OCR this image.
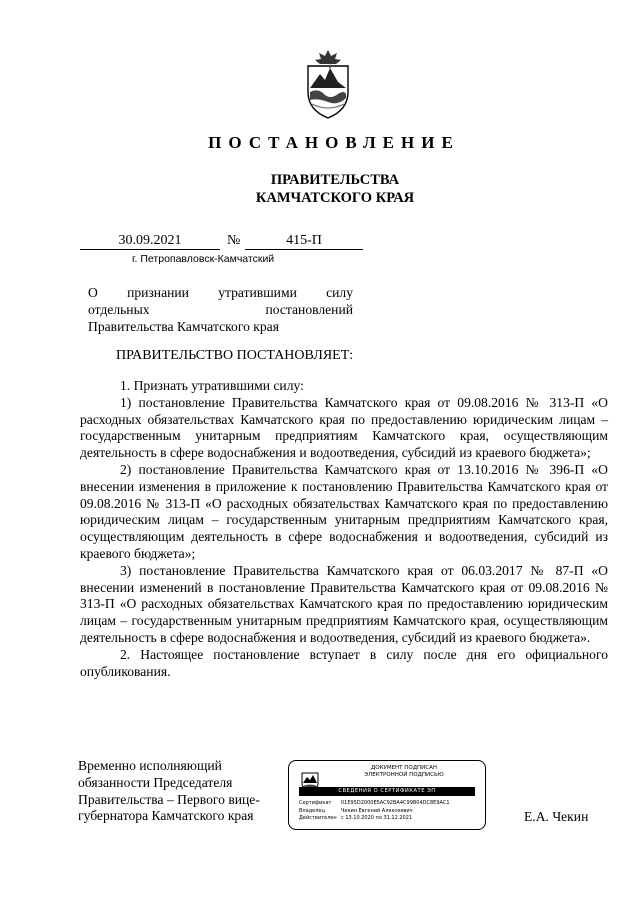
ПОСТАНОВЛЕНИЕ
ПРАВИТЕЛЬСТВА
КАМЧАТСКОГО КРАЯ
30.09.2021	№	415-П
г. Петропавловск-Камчатский
О признании утратившими силу
отдельных постановлений
Правительства Камчатского края
ПРАВИТЕЛЬСТВО ПОСТАНОВЛЯЕТ:

1. Признать утратившими силу:

1) постановление Правительства Камчатского края от 09.08.2016 № 313-П «О расходных обязательствах Камчатского края по предоставлению юридическим лицам – государственным унитарным предприятиям Камчатского края, осуществляющим деятельность в сфере водоснабжения и водоотведения, субсидий из краевого бюджета»;

2) постановление Правительства Камчатского края от 13.10.2016 № 396-П «О внесении изменения в приложение к постановлению Правительства Камчатского края от 09.08.2016 № 313-П «О расходных обязательствах Камчатского края по предоставлению юридическим лицам – государственным унитарным предприятиям Камчатского края, осуществляющим деятельность в сфере водоснабжения и водоотведения, субсидий из краевого бюджета»;

3) постановление Правительства Камчатского края от 06.03.2017 № 87-П «О внесении изменений в постановление Правительства Камчатского края от 09.08.2016 № 313-П «О расходных обязательствах Камчатского края по предоставлению юридическим лицам – государственным унитарным предприятиям Камчатского края, осуществляющим деятельность в сфере водоснабжения и водоотведения, субсидий из краевого бюджета».

2. Настоящее постановление вступает в силу после дня его официального опубликования.

Временно исполняющий
обязанности Председателя
Правительства – Первого вице-
губернатора Камчатского края
ДОКУМЕНТ ПОДПИСАН
ЭЛЕКТРОННОЙ ПОДПИСЬЮ
СВЕДЕНИЯ О СЕРТИФИКАТЕ ЭП
Сертификат	01E95D2000E5AC92BA4C99B04DC8E9AC1
Владелец	Чекин Евгений Алексеевич
Действителен с 13.10.2020 по 31.12.2021	Е.А. Чекин
